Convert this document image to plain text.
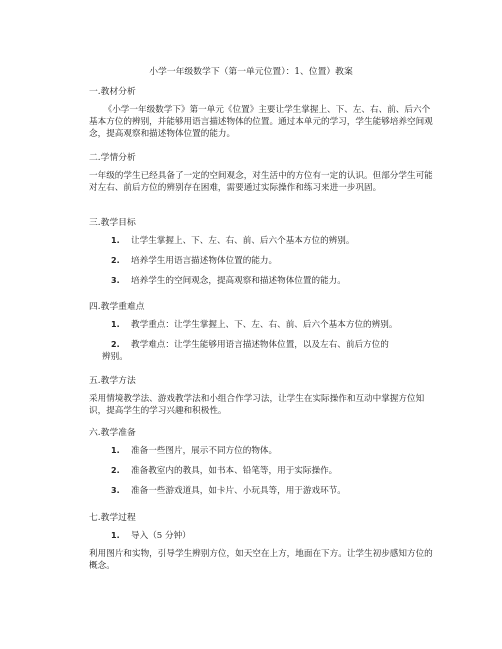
小学一年级数学下（第一单元位置）：1、位置）教案
一.教材分析
《小学一年级数学下》第一单元《位置》主要让学生掌握上、下、左、右、前、后六个基本方位的辨别，并能够用语言描述物体的位置。通过本单元的学习，学生能够培养空间观念，提高观察和描述物体位置的能力。
二.学情分析
一年级的学生已经具备了一定的空间观念，对生活中的方位有一定的认识。但部分学生可能对左右、前后方位的辨别存在困难，需要通过实际操作和练习来进一步巩固。
三.教学目标
1. 让学生掌握上、下、左、右、前、后六个基本方位的辨别。
2. 培养学生用语言描述物体位置的能力。
3. 培养学生的空间观念，提高观察和描述物体位置的能力。
四.教学重难点
1. 教学重点：让学生掌握上、下、左、右、前、后六个基本方位的辨别。
2. 教学难点：让学生能够用语言描述物体位置，以及左右、前后方位的
辨别。
五.教学方法
采用情境教学法、游戏教学法和小组合作学习法，让学生在实际操作和互动中掌握方位知识，提高学生的学习兴趣和积极性。
六.教学准备
1. 准备一些图片，展示不同方位的物体。
2. 准备教室内的教具，如书本、铅笔等，用于实际操作。
3. 准备一些游戏道具，如卡片、小玩具等，用于游戏环节。
七.教学过程
1. 导入（5 分钟）
利用图片和实物，引导学生辨别方位，如天空在上方，地面在下方。让学生初步感知方位的概念。
